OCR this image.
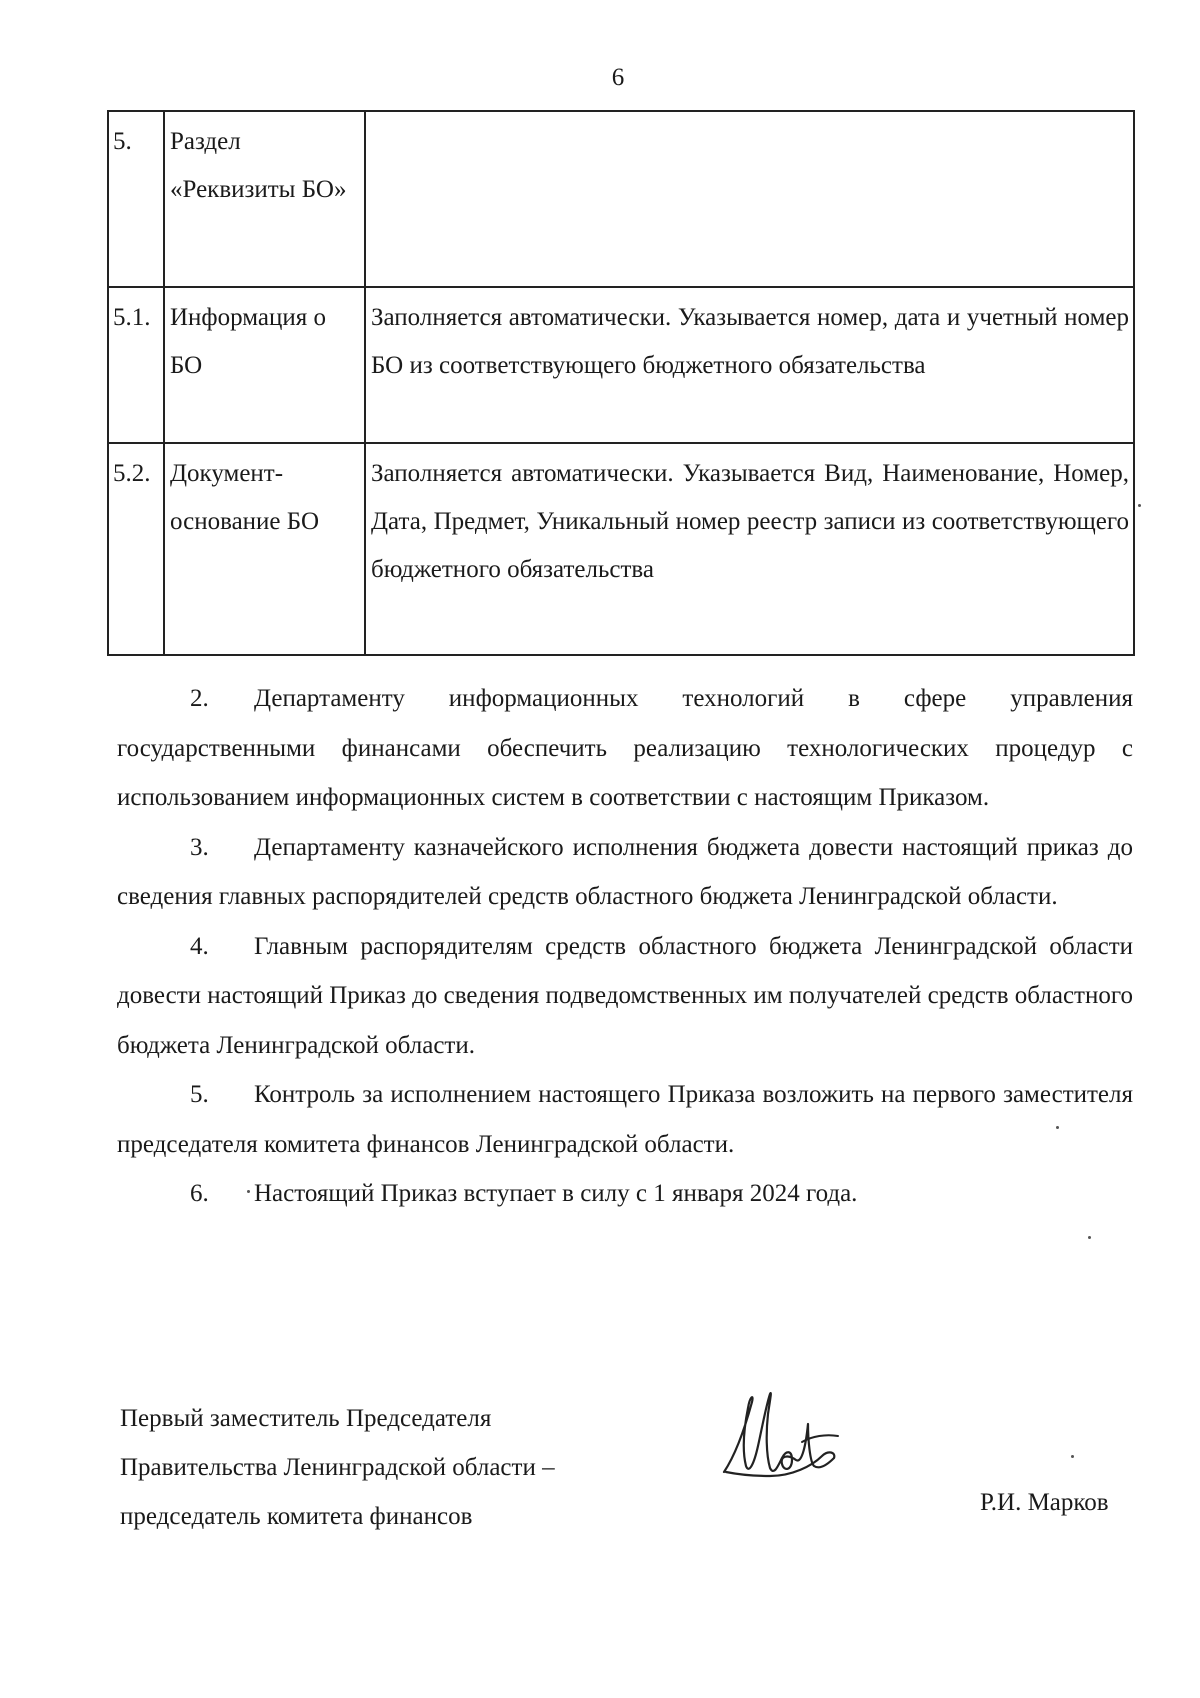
6
5.	Раздел «Реквизиты БО»	
5.1.	Информация о БО	Заполняется автоматически. Указывается номер, дата и учетный номер БО из соответствующего бюджетного обязательства
5.2.	Документ-основание БО	Заполняется автоматически. Указывается Вид, Наименование, Номер, Дата, Предмет, Уникальный номер реестр записи из соответствующего бюджетного обязательства

2. Департаменту информационных технологий в сфере управления государственными финансами обеспечить реализацию технологических процедур с использованием информационных систем в соответствии с настоящим Приказом.

3. Департаменту казначейского исполнения бюджета довести настоящий приказ до сведения главных распорядителей средств областного бюджета Ленинградской области.

4. Главным распорядителям средств областного бюджета Ленинградской области довести настоящий Приказ до сведения подведомственных им получателей средств областного бюджета Ленинградской области.

5. Контроль за исполнением настоящего Приказа возложить на первого заместителя председателя комитета финансов Ленинградской области.

6. Настоящий Приказ вступает в силу с 1 января 2024 года.

Первый заместитель Председателя
Правительства Ленинградской области –
председатель комитета финансов
Р.И. Марков
